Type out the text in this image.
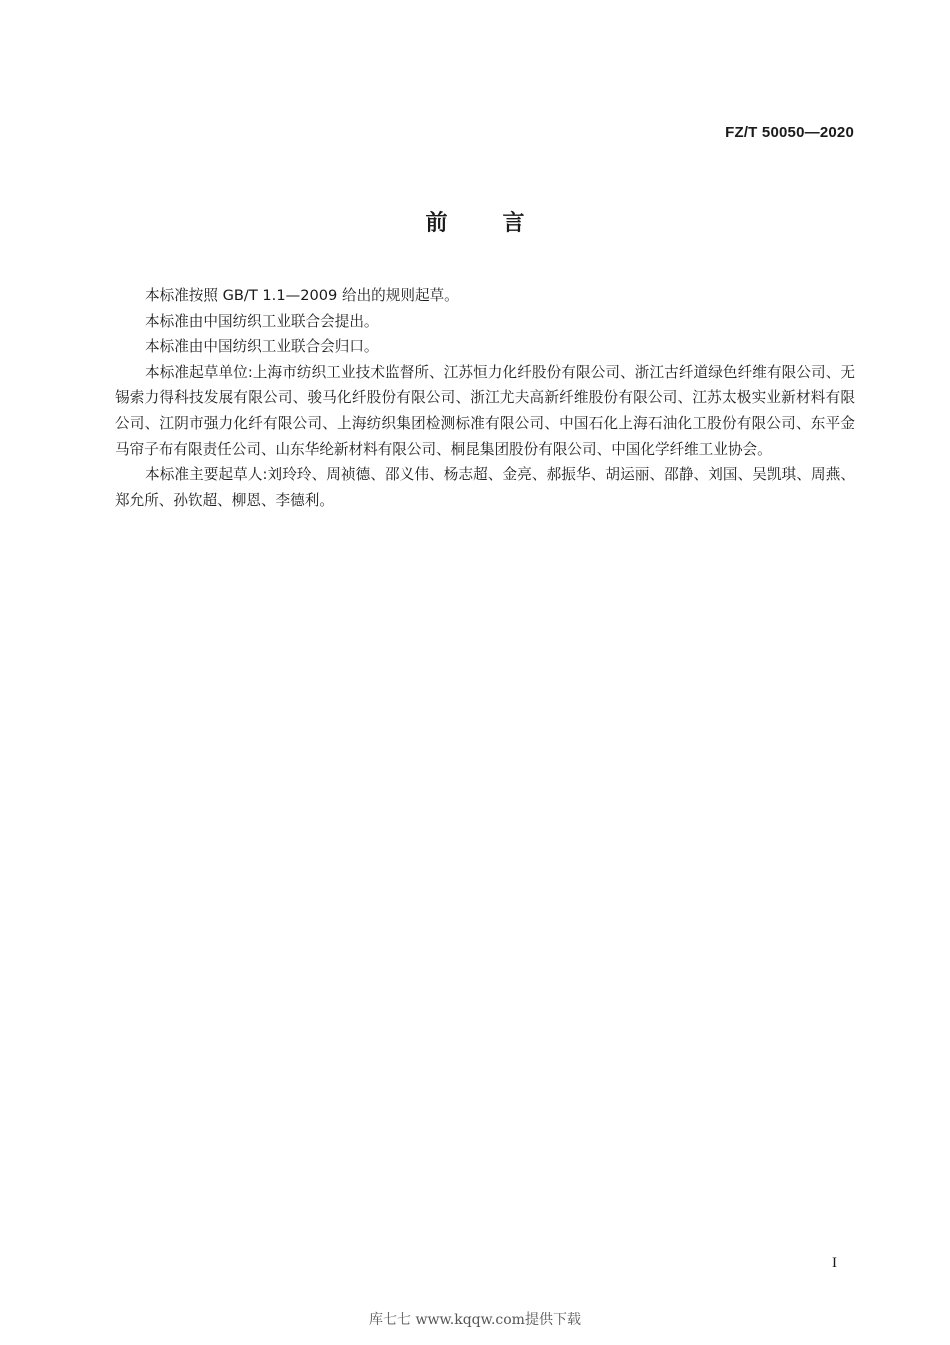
FZ/T 50050—2020
前言

本标准按照 GB/T 1.1—2009 给出的规则起草。

本标准由中国纺织工业联合会提出。

本标准由中国纺织工业联合会归口。

本标准起草单位:上海市纺织工业技术监督所、江苏恒力化纤股份有限公司、浙江古纤道绿色纤维有限公司、无锡索力得科技发展有限公司、骏马化纤股份有限公司、浙江尤夫高新纤维股份有限公司、江苏太极实业新材料有限公司、江阴市强力化纤有限公司、上海纺织集团检测标准有限公司、中国石化上海石油化工股份有限公司、东平金马帘子布有限责任公司、山东华纶新材料有限公司、桐昆集团股份有限公司、中国化学纤维工业协会。

本标准主要起草人:刘玲玲、周祯德、邵义伟、杨志超、金亮、郝振华、胡运丽、邵静、刘国、吴凯琪、周燕、郑允所、孙钦超、柳恩、李德利。

I
库七七 www.kqqw.com提供下载
